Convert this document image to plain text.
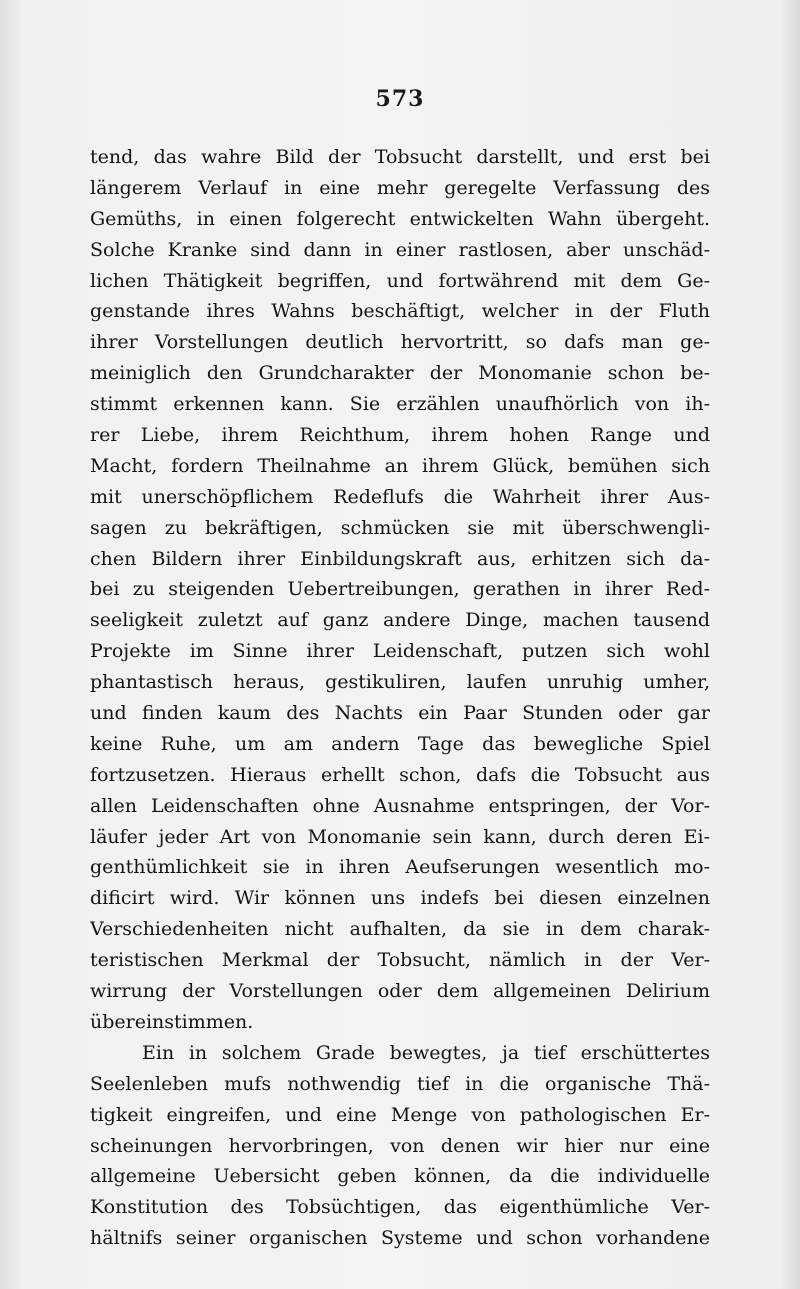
573
tend, das wahre Bild der Tobsucht darstellt, und erst bei
längerem Verlauf in eine mehr geregelte Verfassung des
Gemüths, in einen folgerecht entwickelten Wahn übergeht.
Solche Kranke sind dann in einer rastlosen, aber unschäd-
lichen Thätigkeit begriffen, und fortwährend mit dem Ge-
genstande ihres Wahns beschäftigt, welcher in der Fluth
ihrer Vorstellungen deutlich hervortritt, so dafs man ge-
meiniglich den Grundcharakter der Monomanie schon be-
stimmt erkennen kann. Sie erzählen unaufhörlich von ih-
rer Liebe, ihrem Reichthum, ihrem hohen Range und
Macht, fordern Theilnahme an ihrem Glück, bemühen sich
mit unerschöpflichem Redeflufs die Wahrheit ihrer Aus-
sagen zu bekräftigen, schmücken sie mit überschwengli-
chen Bildern ihrer Einbildungskraft aus, erhitzen sich da-
bei zu steigenden Uebertreibungen, gerathen in ihrer Red-
seeligkeit zuletzt auf ganz andere Dinge, machen tausend
Projekte im Sinne ihrer Leidenschaft, putzen sich wohl
phantastisch heraus, gestikuliren, laufen unruhig umher,
und finden kaum des Nachts ein Paar Stunden oder gar
keine Ruhe, um am andern Tage das bewegliche Spiel
fortzusetzen. Hieraus erhellt schon, dafs die Tobsucht aus
allen Leidenschaften ohne Ausnahme entspringen, der Vor-
läufer jeder Art von Monomanie sein kann, durch deren Ei-
genthümlichkeit sie in ihren Aeufserungen wesentlich mo-
dificirt wird. Wir können uns indefs bei diesen einzelnen
Verschiedenheiten nicht aufhalten, da sie in dem charak-
teristischen Merkmal der Tobsucht, nämlich in der Ver-
wirrung der Vorstellungen oder dem allgemeinen Delirium
übereinstimmen.
Ein in solchem Grade bewegtes, ja tief erschüttertes
Seelenleben mufs nothwendig tief in die organische Thä-
tigkeit eingreifen, und eine Menge von pathologischen Er-
scheinungen hervorbringen, von denen wir hier nur eine
allgemeine Uebersicht geben können, da die individuelle
Konstitution des Tobsüchtigen, das eigenthümliche Ver-
hältnifs seiner organischen Systeme und schon vorhandene
